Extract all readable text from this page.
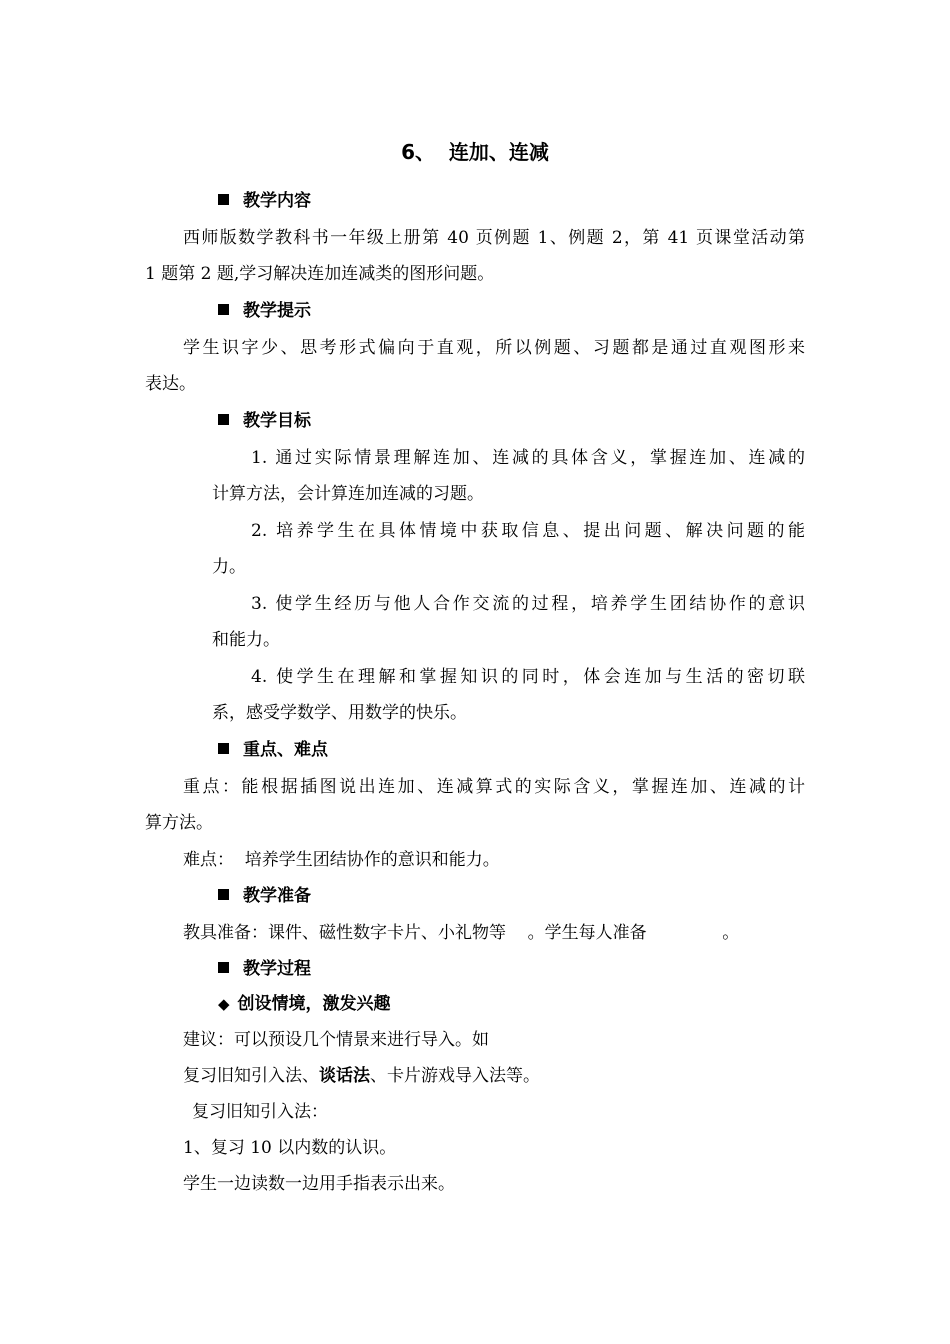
6、  连加、连减
教学内容
西师版数学教科书一年级上册第 40 页例题 1、例题 2，第 41 页课堂活动第
1 题第 2 题,学习解决连加连减类的图形问题。
教学提示
学生识字少、思考形式偏向于直观，所以例题、习题都是通过直观图形来
表达。
教学目标
1. 通过实际情景理解连加、连减的具体含义，掌握连加、连减的
计算方法，会计算连加连减的习题。
2. 培养学生在具体情境中获取信息、提出问题、解决问题的能
力。
3. 使学生经历与他人合作交流的过程，培养学生团结协作的意识
和能力。
4. 使学生在理解和掌握知识的同时，体会连加与生活的密切联
系，感受学数学、用数学的快乐。
重点、难点
重点：能根据插图说出连加、连减算式的实际含义，掌握连加、连减的计
算方法。
难点：  培养学生团结协作的意识和能力。
教学准备
教具准备：课件、磁性数字卡片、小礼物等    。学生每人准备              。
教学过程
◆ 创设情境，激发兴趣
建议：可以预设几个情景来进行导入。如
复习旧知引入法、谈话法、卡片游戏导入法等。
复习旧知引入法：
1、复习 10 以内数的认识。
学生一边读数一边用手指表示出来。
